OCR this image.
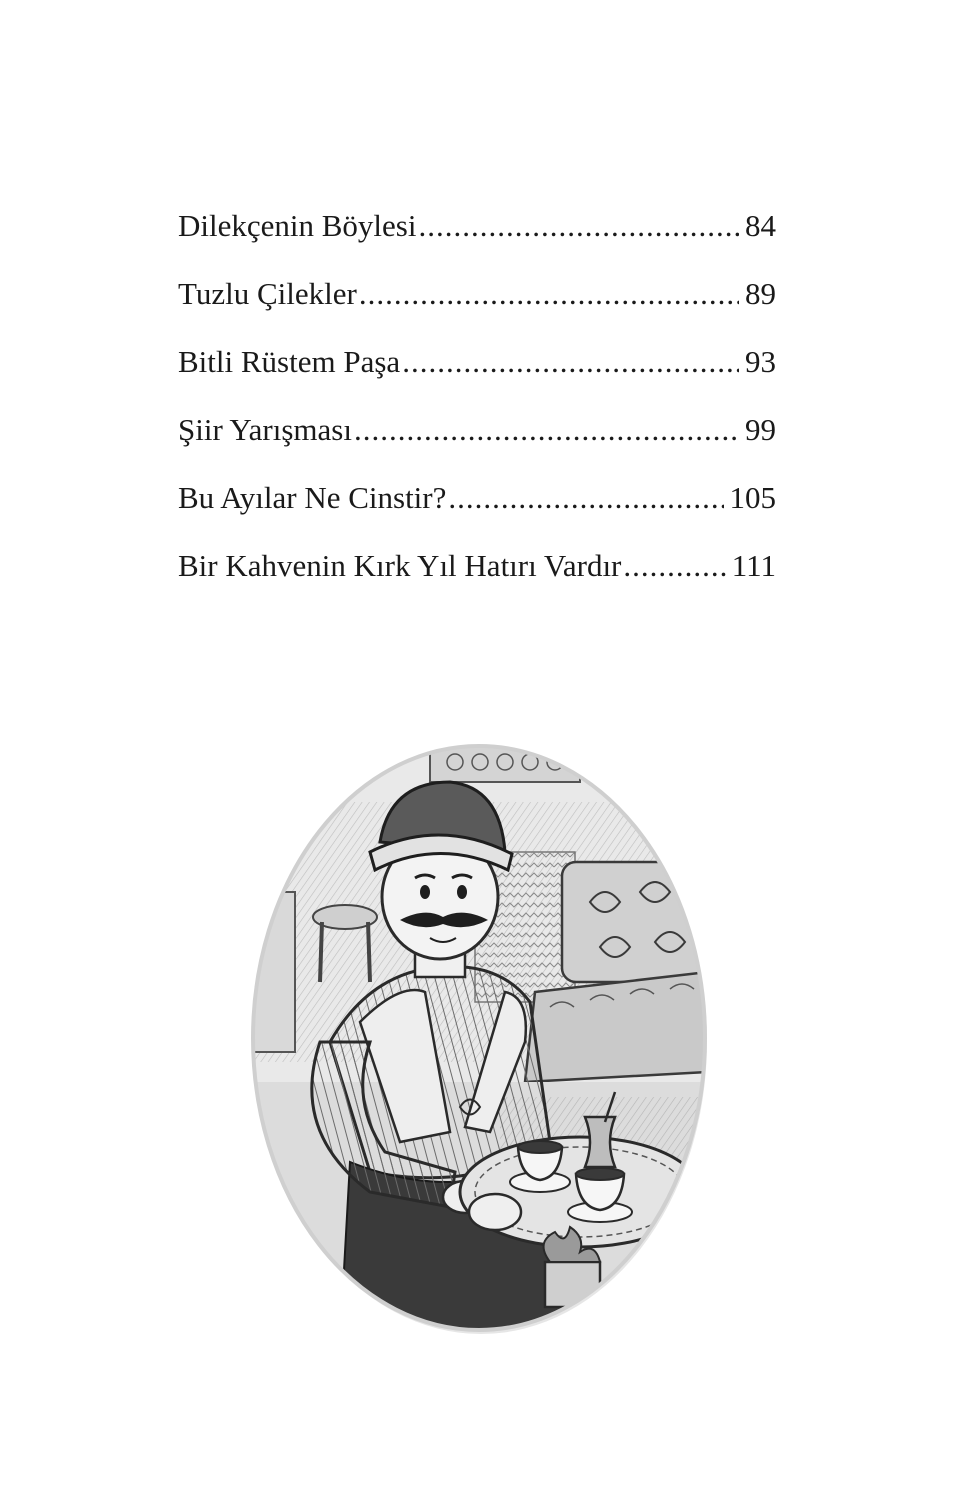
Dilekçenin Böylesi .....	84
Tuzlu Çilekler .....	89
Bitli Rüstem Paşa .....	93
Şiir Yarışması .....	99
Bu Ayılar Ne Cinstir? .....	105
Bir Kahvenin Kırk Yıl Hatırı Vardır .....	111
